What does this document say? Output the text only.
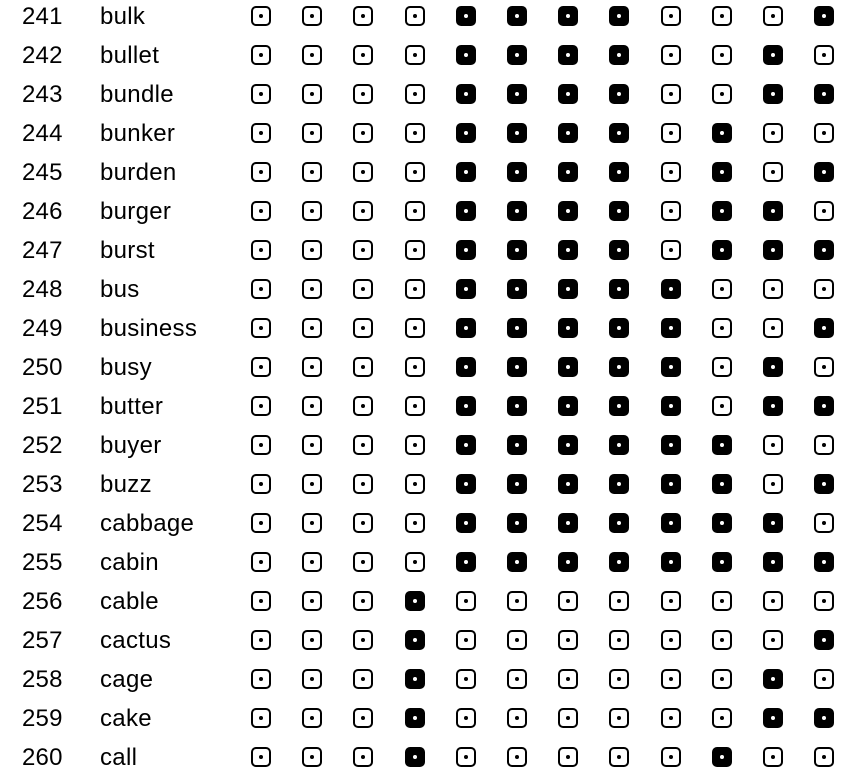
241 bulk
242 bullet
243 bundle
244 bunker
245 burden
246 burger
247 burst
248 bus
249 business
250 busy
251 butter
252 buyer
253 buzz
254 cabbage
255 cabin
256 cable
257 cactus
258 cage
259 cake
260 call
